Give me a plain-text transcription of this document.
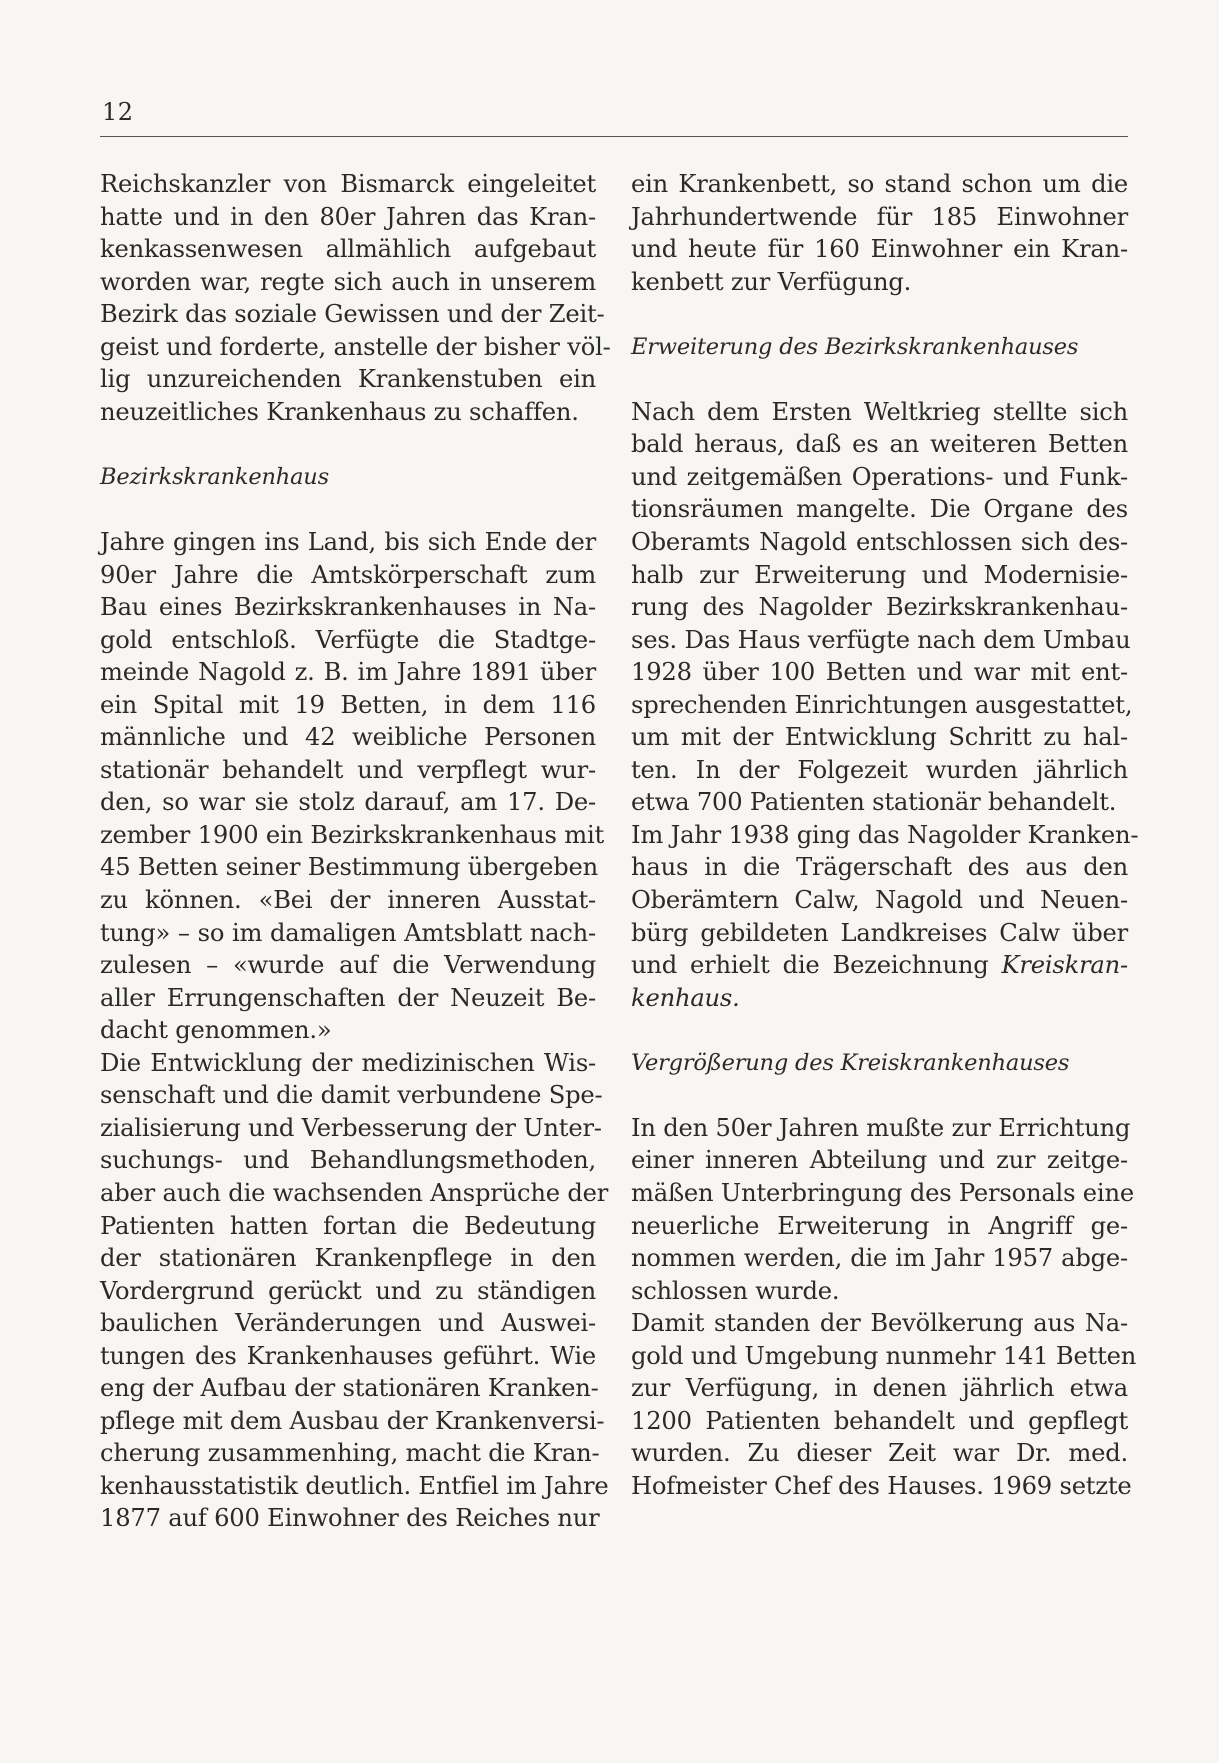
12
Reichskanzler von Bismarck eingeleitet
hatte und in den 80er Jahren das Kran-
kenkassenwesen allmählich aufgebaut
worden war, regte sich auch in unserem
Bezirk das soziale Gewissen und der Zeit-
geist und forderte, anstelle der bisher völ-
lig unzureichenden Krankenstuben ein
neuzeitliches Krankenhaus zu schaffen.
Bezirkskrankenhaus
Jahre gingen ins Land, bis sich Ende der
90er Jahre die Amtskörperschaft zum
Bau eines Bezirkskrankenhauses in Na-
gold entschloß. Verfügte die Stadtge-
meinde Nagold z. B. im Jahre 1891 über
ein Spital mit 19 Betten, in dem 116
männliche und 42 weibliche Personen
stationär behandelt und verpflegt wur-
den, so war sie stolz darauf, am 17. De-
zember 1900 ein Bezirkskrankenhaus mit
45 Betten seiner Bestimmung übergeben
zu können. «Bei der inneren Ausstat-
tung» – so im damaligen Amtsblatt nach-
zulesen – «wurde auf die Verwendung
aller Errungenschaften der Neuzeit Be-
dacht genommen.»
Die Entwicklung der medizinischen Wis-
senschaft und die damit verbundene Spe-
zialisierung und Verbesserung der Unter-
suchungs- und Behandlungsmethoden,
aber auch die wachsenden Ansprüche der
Patienten hatten fortan die Bedeutung
der stationären Krankenpflege in den
Vordergrund gerückt und zu ständigen
baulichen Veränderungen und Auswei-
tungen des Krankenhauses geführt. Wie
eng der Aufbau der stationären Kranken-
pflege mit dem Ausbau der Krankenversi-
cherung zusammenhing, macht die Kran-
kenhausstatistik deutlich. Entfiel im Jahre
1877 auf 600 Einwohner des Reiches nur
ein Krankenbett, so stand schon um die
Jahrhundertwende für 185 Einwohner
und heute für 160 Einwohner ein Kran-
kenbett zur Verfügung.
Erweiterung des Bezirkskrankenhauses
Nach dem Ersten Weltkrieg stellte sich
bald heraus, daß es an weiteren Betten
und zeitgemäßen Operations- und Funk-
tionsräumen mangelte. Die Organe des
Oberamts Nagold entschlossen sich des-
halb zur Erweiterung und Modernisie-
rung des Nagolder Bezirkskrankenhau-
ses. Das Haus verfügte nach dem Umbau
1928 über 100 Betten und war mit ent-
sprechenden Einrichtungen ausgestattet,
um mit der Entwicklung Schritt zu hal-
ten. In der Folgezeit wurden jährlich
etwa 700 Patienten stationär behandelt.
Im Jahr 1938 ging das Nagolder Kranken-
haus in die Trägerschaft des aus den
Oberämtern Calw, Nagold und Neuen-
bürg gebildeten Landkreises Calw über
und erhielt die Bezeichnung Kreiskran-
kenhaus.
Vergrößerung des Kreiskrankenhauses
In den 50er Jahren mußte zur Errichtung
einer inneren Abteilung und zur zeitge-
mäßen Unterbringung des Personals eine
neuerliche Erweiterung in Angriff ge-
nommen werden, die im Jahr 1957 abge-
schlossen wurde.
Damit standen der Bevölkerung aus Na-
gold und Umgebung nunmehr 141 Betten
zur Verfügung, in denen jährlich etwa
1200 Patienten behandelt und gepflegt
wurden. Zu dieser Zeit war Dr. med.
Hofmeister Chef des Hauses. 1969 setzte
